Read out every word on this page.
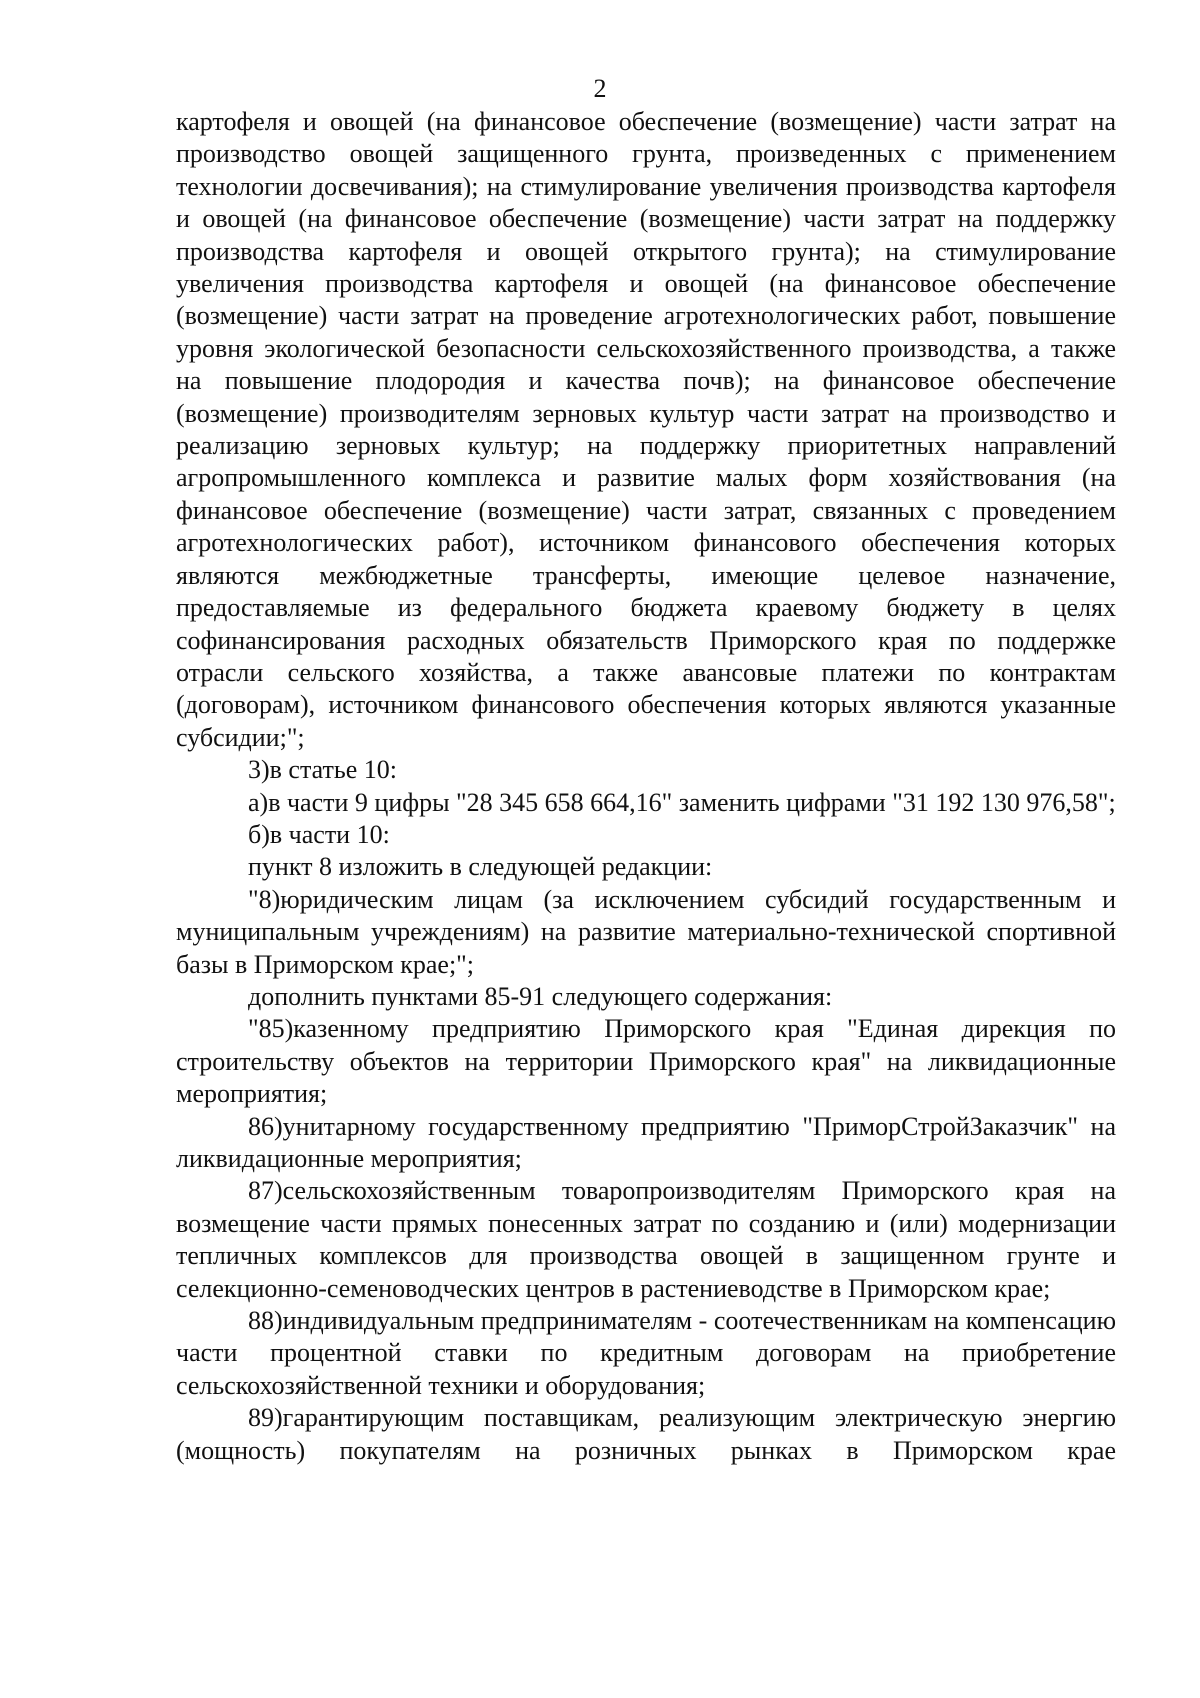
2

картофеля и овощей (на финансовое обеспечение (возмещение) части затрат на производство овощей защищенного грунта, произведенных с применением технологии досвечивания); на стимулирование увеличения производства картофеля и овощей (на финансовое обеспечение (возмещение) части затрат на поддержку производства картофеля и овощей открытого грунта); на стимулирование увеличения производства картофеля и овощей (на финансовое обеспечение (возмещение) части затрат на проведение агротехнологических работ, повышение уровня экологической безопасности сельскохозяйственного производства, а также на повышение плодородия и качества почв); на финансовое обеспечение (возмещение) производителям зерновых культур части затрат на производство и реализацию зерновых культур; на поддержку приоритетных направлений агропромышленного комплекса и развитие малых форм хозяйствования (на финансовое обеспечение (возмещение) части затрат, связанных с проведением агротехнологических работ), источником финансового обеспечения которых являются межбюджетные трансферты, имеющие целевое назначение, предоставляемые из федерального бюджета краевому бюджету в целях софинансирования расходных обязательств Приморского края по поддержке отрасли сельского хозяйства, а также авансовые платежи по контрактам (договорам), источником финансового обеспечения которых являются указанные субсидии;";

3)в статье 10:

а)в части 9 цифры "28 345 658 664,16" заменить цифрами "31 192 130 976,58";

б)в части 10:

пункт 8 изложить в следующей редакции:

"8)юридическим лицам (за исключением субсидий государственным и муниципальным учреждениям) на развитие материально-технической спортивной базы в Приморском крае;";

дополнить пунктами 85-91 следующего содержания:

"85)казенному предприятию Приморского края "Единая дирекция по строительству объектов на территории Приморского края" на ликвидационные мероприятия;

86)унитарному государственному предприятию "ПриморСтройЗаказчик" на ликвидационные мероприятия;

87)сельскохозяйственным товаропроизводителям Приморского края на возмещение части прямых понесенных затрат по созданию и (или) модернизации тепличных комплексов для производства овощей в защищенном грунте и селекционно-семеноводческих центров в растениеводстве в Приморском крае;

88)индивидуальным предпринимателям - соотечественникам на компенсацию части процентной ставки по кредитным договорам на приобретение сельскохозяйственной техники и оборудования;

89)гарантирующим поставщикам, реализующим электрическую энергию (мощность) покупателям на розничных рынках в Приморском крае
